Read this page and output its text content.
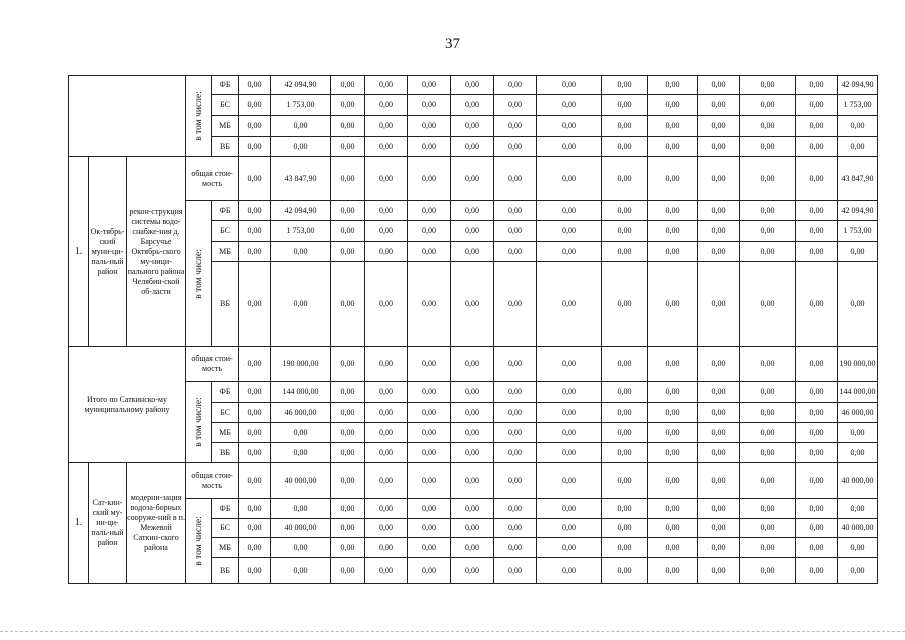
37

			в том числе:	ФБ	0,00	42 094,90	0,00	0,00	0,00	0,00	0,00	0,00	0,00	0,00	0,00	0,00	0,00	42 094,90
				БС	0,00	1 753,00	0,00	0,00	0,00	0,00	0,00	0,00	0,00	0,00	0,00	0,00	0,00	1 753,00
				МБ	0,00	0,00	0,00	0,00	0,00	0,00	0,00	0,00	0,00	0,00	0,00	0,00	0,00	0,00
				ВБ	0,00	0,00	0,00	0,00	0,00	0,00	0,00	0,00	0,00	0,00	0,00	0,00	0,00	0,00
1.	Ок-тябрь-ский муни-ци-паль-ный район	рекон-струкция системы водо-снабже-ния д. Барсучье Октябрь-ского му-ници-пального района Челябин-ской об-ласти	общая стои-мость		0,00	43 847,90	0,00	0,00	0,00	0,00	0,00	0,00	0,00	0,00	0,00	0,00	0,00	43 847,90

			в том числе:	ФБ	0,00	42 094,90	0,00	0,00	0,00	0,00	0,00	0,00	0,00	0,00	0,00	0,00	0,00	42 094,90
				БС	0,00	1 753,00	0,00	0,00	0,00	0,00	0,00	0,00	0,00	0,00	0,00	0,00	0,00	1 753,00
				МБ	0,00	0,00	0,00	0,00	0,00	0,00	0,00	0,00	0,00	0,00	0,00	0,00	0,00	0,00
				ВБ	0,00	0,00	0,00	0,00	0,00	0,00	0,00	0,00	0,00	0,00	0,00	0,00	0,00	0,00
Итого по Саткинско-му муниципальному району			общая стои-мость		0,00	190 000,00	0,00	0,00	0,00	0,00	0,00	0,00	0,00	0,00	0,00	0,00	0,00	190 000,00

			в том числе:	ФБ	0,00	144 000,00	0,00	0,00	0,00	0,00	0,00	0,00	0,00	0,00	0,00	0,00	0,00	144 000,00
				БС	0,00	46 000,00	0,00	0,00	0,00	0,00	0,00	0,00	0,00	0,00	0,00	0,00	0,00	46 000,00
				МБ	0,00	0,00	0,00	0,00	0,00	0,00	0,00	0,00	0,00	0,00	0,00	0,00	0,00	0,00
				ВБ	0,00	0,00	0,00	0,00	0,00	0,00	0,00	0,00	0,00	0,00	0,00	0,00	0,00	0,00
1.	Сат-кин-ский му-ни-ци-паль-ный район	модерни-зация водоза-борных сооруже-ний в п. Межевой Саткин-ского района	общая стои-мость		0,00	40 000,00	0,00	0,00	0,00	0,00	0,00	0,00	0,00	0,00	0,00	0,00	0,00	40 000,00

			в том числе:	ФБ	0,00	0,00	0,00	0,00	0,00	0,00	0,00	0,00	0,00	0,00	0,00	0,00	0,00	0,00
				БС	0,00	40 000,00	0,00	0,00	0,00	0,00	0,00	0,00	0,00	0,00	0,00	0,00	0,00	40 000,00
				МБ	0,00	0,00	0,00	0,00	0,00	0,00	0,00	0,00	0,00	0,00	0,00	0,00	0,00	0,00
				ВБ	0,00	0,00	0,00	0,00	0,00	0,00	0,00	0,00	0,00	0,00	0,00	0,00	0,00	0,00
